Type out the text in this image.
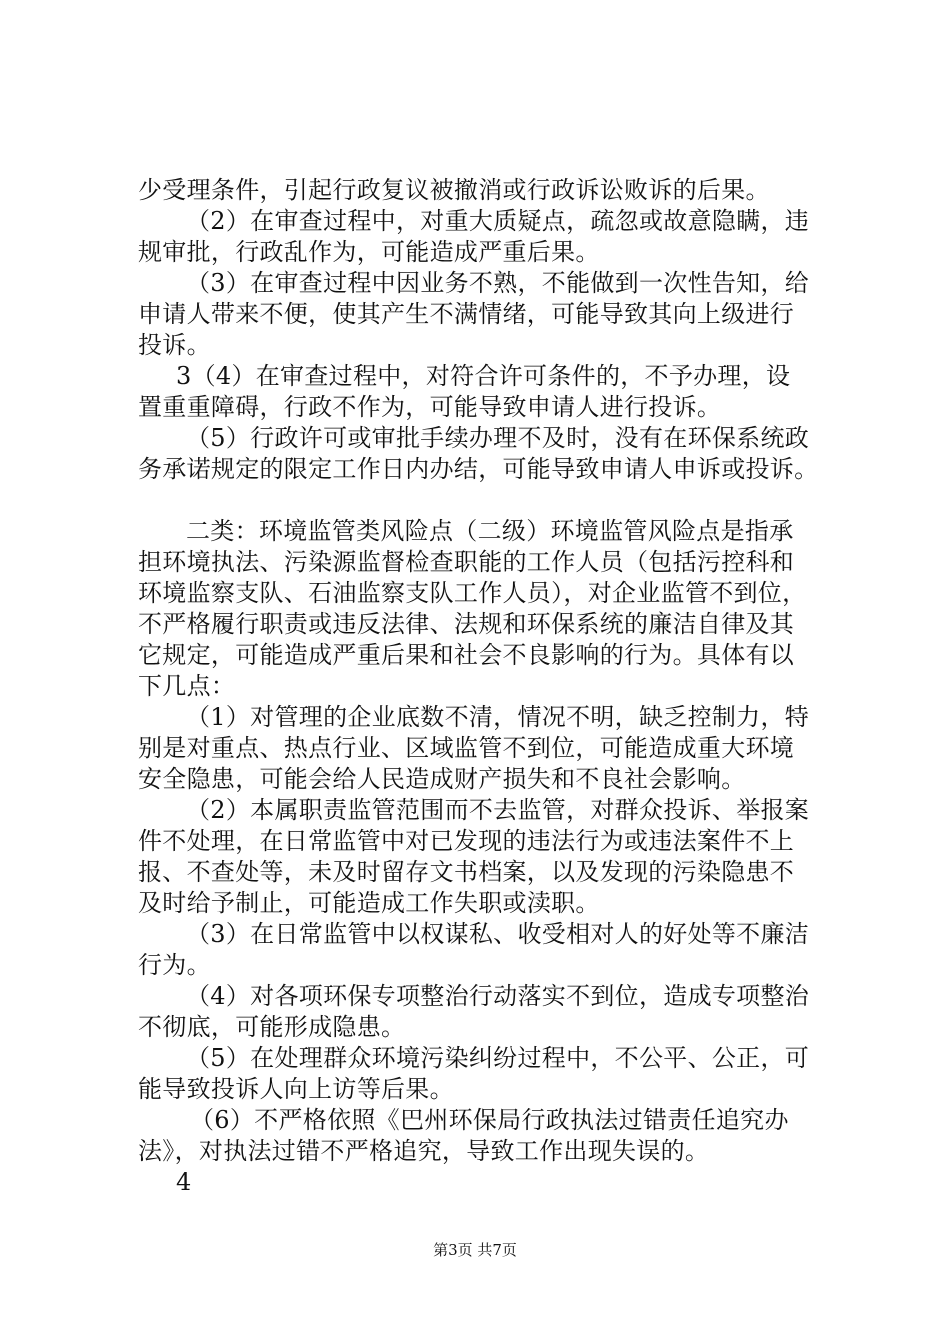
少受理条件，引起行政复议被撤消或行政诉讼败诉的后果。
（2）在审查过程中，对重大质疑点，疏忽或故意隐瞒，违
规审批，行政乱作为，可能造成严重后果。
（3）在审查过程中因业务不熟，不能做到一次性告知，给
申请人带来不便，使其产生不满情绪，可能导致其向上级进行
投诉。
3（4）在审查过程中，对符合许可条件的，不予办理，设
置重重障碍，行政不作为，可能导致申请人进行投诉。
（5）行政许可或审批手续办理不及时，没有在环保系统政
务承诺规定的限定工作日内办结，可能导致申请人申诉或投诉。
二类：环境监管类风险点（二级）环境监管风险点是指承
担环境执法、污染源监督检查职能的工作人员（包括污控科和
环境监察支队、石油监察支队工作人员），对企业监管不到位，
不严格履行职责或违反法律、法规和环保系统的廉洁自律及其
它规定，可能造成严重后果和社会不良影响的行为。具体有以
下几点：
（1）对管理的企业底数不清，情况不明，缺乏控制力，特
别是对重点、热点行业、区域监管不到位，可能造成重大环境
安全隐患，可能会给人民造成财产损失和不良社会影响。
（2）本属职责监管范围而不去监管，对群众投诉、举报案
件不处理，在日常监管中对已发现的违法行为或违法案件不上
报、不查处等，未及时留存文书档案，以及发现的污染隐患不
及时给予制止，可能造成工作失职或渎职。
（3）在日常监管中以权谋私、收受相对人的好处等不廉洁
行为。
（4）对各项环保专项整治行动落实不到位，造成专项整治
不彻底，可能形成隐患。
（5）在处理群众环境污染纠纷过程中，不公平、公正，可
能导致投诉人向上访等后果。
（6）不严格依照《巴州环保局行政执法过错责任追究办
法》，对执法过错不严格追究，导致工作出现失误的。
4
第3页 共7页
